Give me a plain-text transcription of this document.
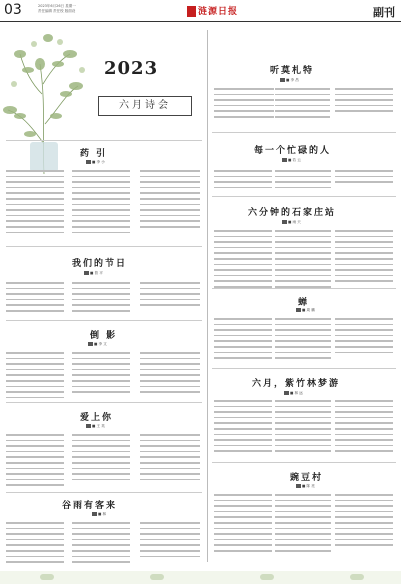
03	2023年6月26日 星期一
责任编辑 责任校 版面设	涟源日报	副刊
2023
六月诗会
听莫札特
■ 李 昌
每一个忙碌的人
■ 若 云
六分钟的石家庄站
■ 雨 天
蝉
■ 周 鹏
六月，紫竹林梦游
■ 林 远
豌豆村
■ 陈 亮
药 引
■ 李 小
我们的节日
■ 曾 平
倒 影
■ 李 文
爱上你
■ 王 英
谷雨有客来
■ 林
